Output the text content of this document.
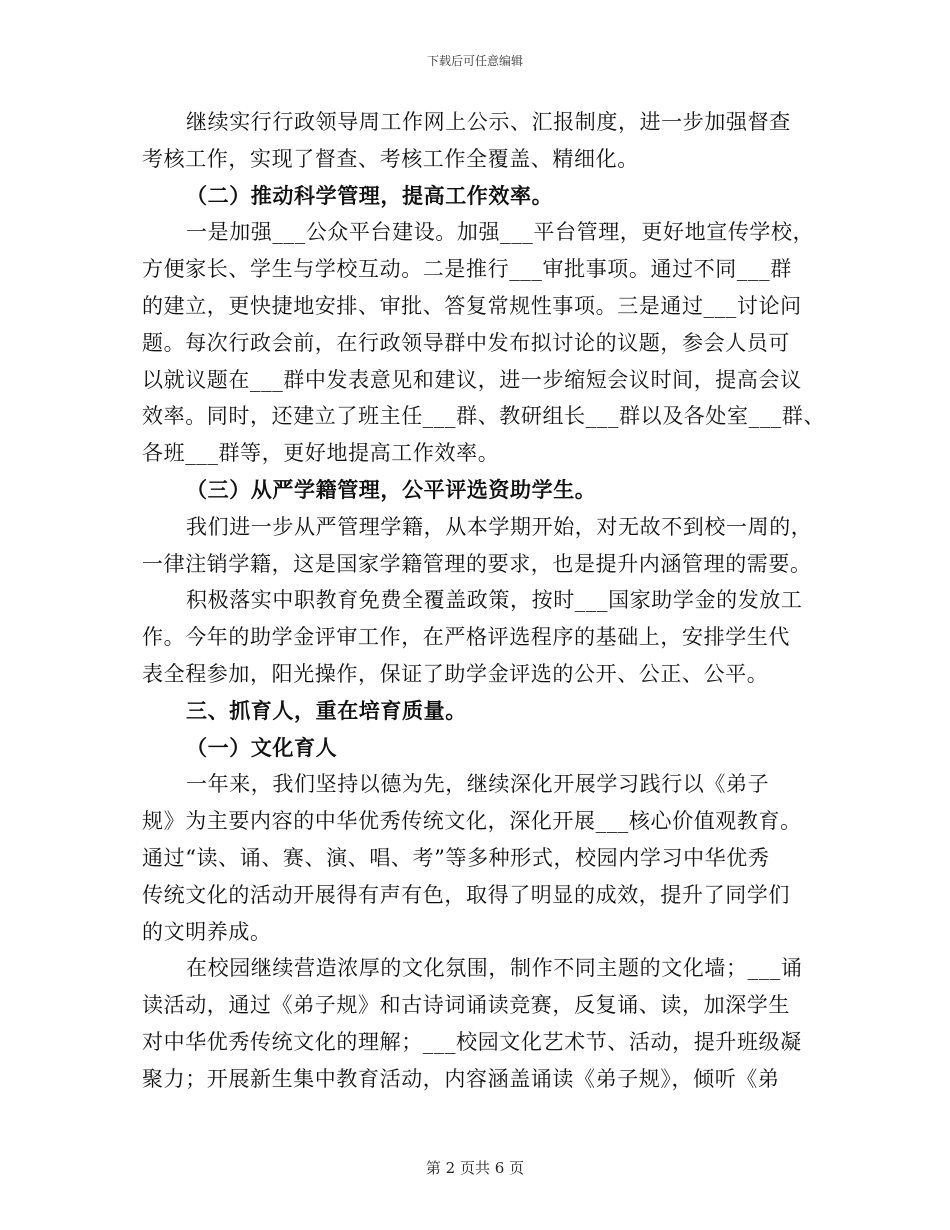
下载后可任意编辑
继续实行行政领导周工作网上公示、汇报制度，进一步加强督查
考核工作，实现了督查、考核工作全覆盖、精细化。
（二）推动科学管理，提高工作效率。
一是加强___公众平台建设。加强___平台管理，更好地宣传学校，
方便家长、学生与学校互动。二是推行___审批事项。通过不同___群
的建立，更快捷地安排、审批、答复常规性事项。三是通过___讨论问
题。每次行政会前，在行政领导群中发布拟讨论的议题，参会人员可
以就议题在___群中发表意见和建议，进一步缩短会议时间，提高会议
效率。同时，还建立了班主任___群、教研组长___群以及各处室___群、
各班___群等，更好地提高工作效率。
（三）从严学籍管理，公平评选资助学生。
我们进一步从严管理学籍，从本学期开始，对无故不到校一周的，
一律注销学籍，这是国家学籍管理的要求，也是提升内涵管理的需要。
积极落实中职教育免费全覆盖政策，按时___国家助学金的发放工
作。今年的助学金评审工作，在严格评选程序的基础上，安排学生代
表全程参加，阳光操作，保证了助学金评选的公开、公正、公平。
三、抓育人，重在培育质量。
（一）文化育人
一年来，我们坚持以德为先，继续深化开展学习践行以《弟子
规》为主要内容的中华优秀传统文化，深化开展___核心价值观教育。
通过“读、诵、赛、演、唱、考”等多种形式，校园内学习中华优秀
传统文化的活动开展得有声有色，取得了明显的成效，提升了同学们
的文明养成。
在校园继续营造浓厚的文化氛围，制作不同主题的文化墙；___诵
读活动，通过《弟子规》和古诗词诵读竞赛，反复诵、读，加深学生
对中华优秀传统文化的理解；___校园文化艺术节、活动，提升班级凝
聚力；开展新生集中教育活动，内容涵盖诵读《弟子规》，倾听《弟
第 2 页共 6 页
